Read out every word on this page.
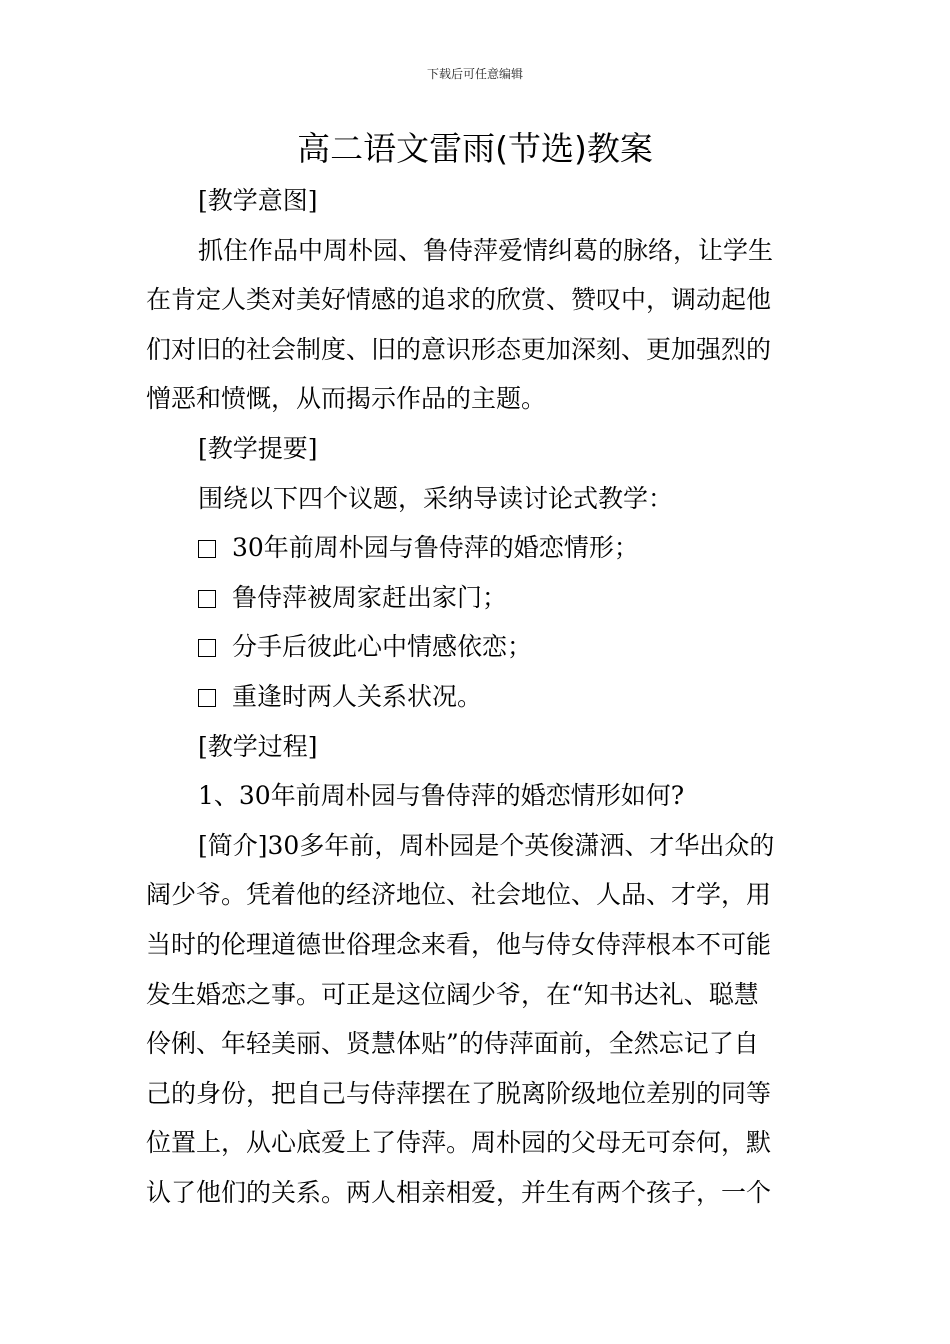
下载后可任意编辑
高二语文雷雨(节选)教案
[教学意图]
抓住作品中周朴园、鲁侍萍爱情纠葛的脉络，让学生
在肯定人类对美好情感的追求的欣赏、赞叹中，调动起他
们对旧的社会制度、旧的意识形态更加深刻、更加强烈的
憎恶和愤慨，从而揭示作品的主题。
[教学提要]
围绕以下四个议题，采纳导读讨论式教学：
30年前周朴园与鲁侍萍的婚恋情形；
鲁侍萍被周家赶出家门；
分手后彼此心中情感依恋；
重逢时两人关系状况。
[教学过程]
1、30年前周朴园与鲁侍萍的婚恋情形如何?
[简介]30多年前，周朴园是个英俊潇洒、才华出众的
阔少爷。凭着他的经济地位、社会地位、人品、才学，用
当时的伦理道德世俗理念来看，他与侍女侍萍根本不可能
发生婚恋之事。可正是这位阔少爷，在“知书达礼、聪慧
伶俐、年轻美丽、贤慧体贴”的侍萍面前，全然忘记了自
己的身份，把自己与侍萍摆在了脱离阶级地位差别的同等
位置上，从心底爱上了侍萍。周朴园的父母无可奈何，默
认了他们的关系。两人相亲相爱，并生有两个孩子，一个
